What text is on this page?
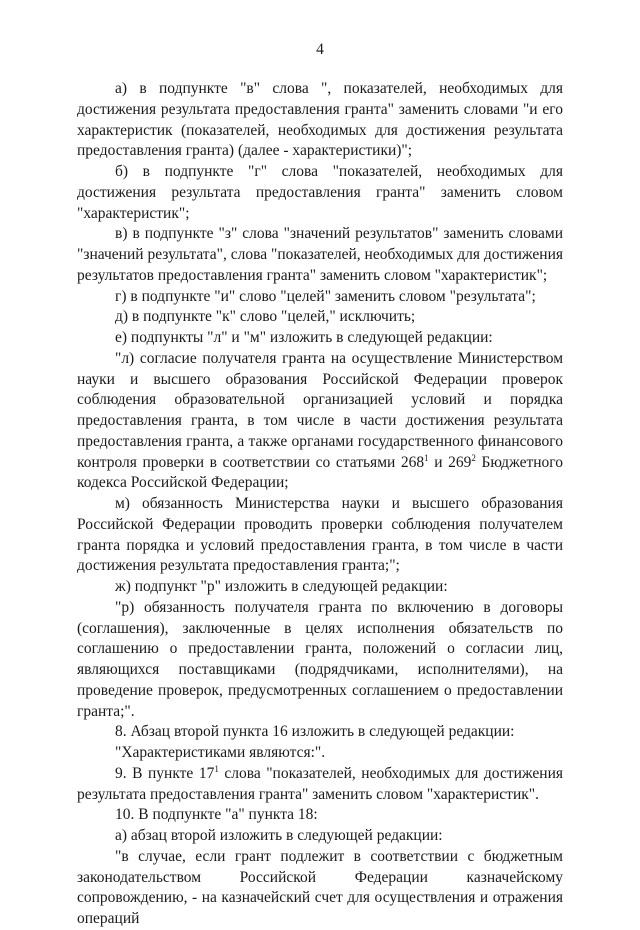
4

а) в подпункте "в" слова ", показателей, необходимых для достижения результата предоставления гранта" заменить словами "и его характеристик (показателей, необходимых для достижения результата предоставления гранта) (далее - характеристики)";

б) в подпункте "г" слова "показателей, необходимых для достижения результата предоставления гранта" заменить словом "характеристик";

в) в подпункте "з" слова "значений результатов" заменить словами "значений результата", слова "показателей, необходимых для достижения результатов предоставления гранта" заменить словом "характеристик";

г) в подпункте "и" слово "целей" заменить словом "результата";

д) в подпункте "к" слово "целей," исключить;

е) подпункты "л" и "м" изложить в следующей редакции:

"л) согласие получателя гранта на осуществление Министерством науки и высшего образования Российской Федерации проверок соблюдения образовательной организацией условий и порядка предоставления гранта, в том числе в части достижения результата предоставления гранта, а также органами государственного финансового контроля проверки в соответствии со статьями $268^1$ и $269^2$ Бюджетного кодекса Российской Федерации;

м) обязанность Министерства науки и высшего образования Российской Федерации проводить проверки соблюдения получателем гранта порядка и условий предоставления гранта, в том числе в части достижения результата предоставления гранта;";

ж) подпункт "р" изложить в следующей редакции:

"р) обязанность получателя гранта по включению в договоры (соглашения), заключенные в целях исполнения обязательств по соглашению о предоставлении гранта, положений о согласии лиц, являющихся поставщиками (подрядчиками, исполнителями), на проведение проверок, предусмотренных соглашением о предоставлении гранта;".

8. Абзац второй пункта 16 изложить в следующей редакции:

"Характеристиками являются:".

9. В пункте $17^1$ слова "показателей, необходимых для достижения результата предоставления гранта" заменить словом "характеристик".

10. В подпункте "а" пункта 18:

а) абзац второй изложить в следующей редакции:

"в случае, если грант подлежит в соответствии с бюджетным законодательством Российской Федерации казначейскому сопровождению, - на казначейский счет для осуществления и отражения операций
